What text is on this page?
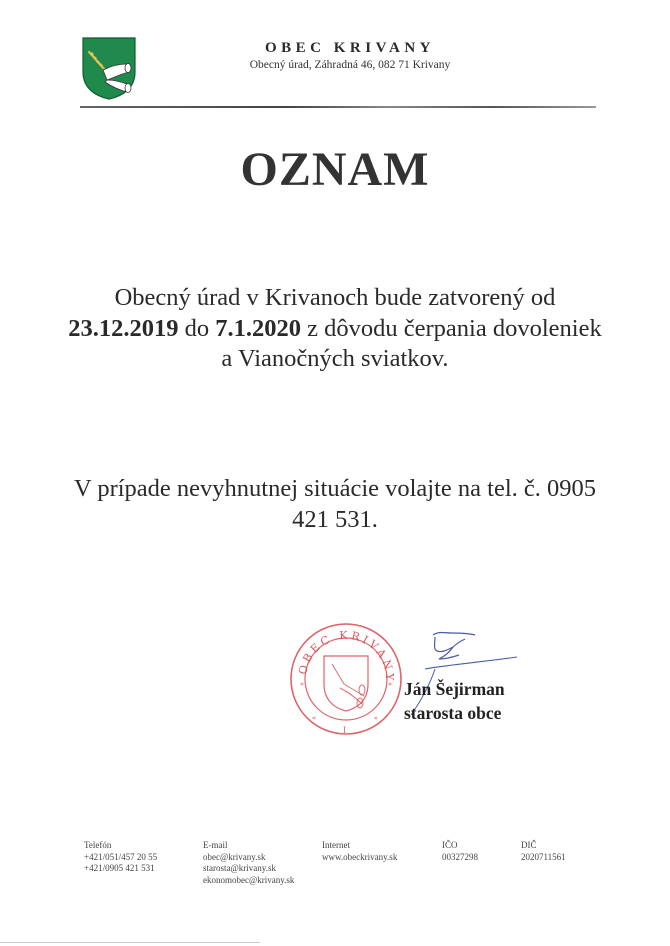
OBEC KRIVANY
Obecný úrad, Záhradná 46, 082 71 Krivany
OZNAM
Obecný úrad v Krivanoch bude zatvorený od 23.12.2019 do 7.1.2020 z dôvodu čerpania dovoleniek a Vianočných sviatkov.
V prípade nevyhnutnej situácie volajte na tel. č. 0905 421 531.
OBEC KRIVANY
*	*
*	*
I
Ján Šejirman
starosta obce
Telefón
+421/051/457 20 55
+421/0905 421 531
E-mail
obec@krivany.sk
starosta@krivany.sk
ekonomobec@krivany.sk
Internet
www.obeckrivany.sk
IČO
00327298
DIČ
2020711561
